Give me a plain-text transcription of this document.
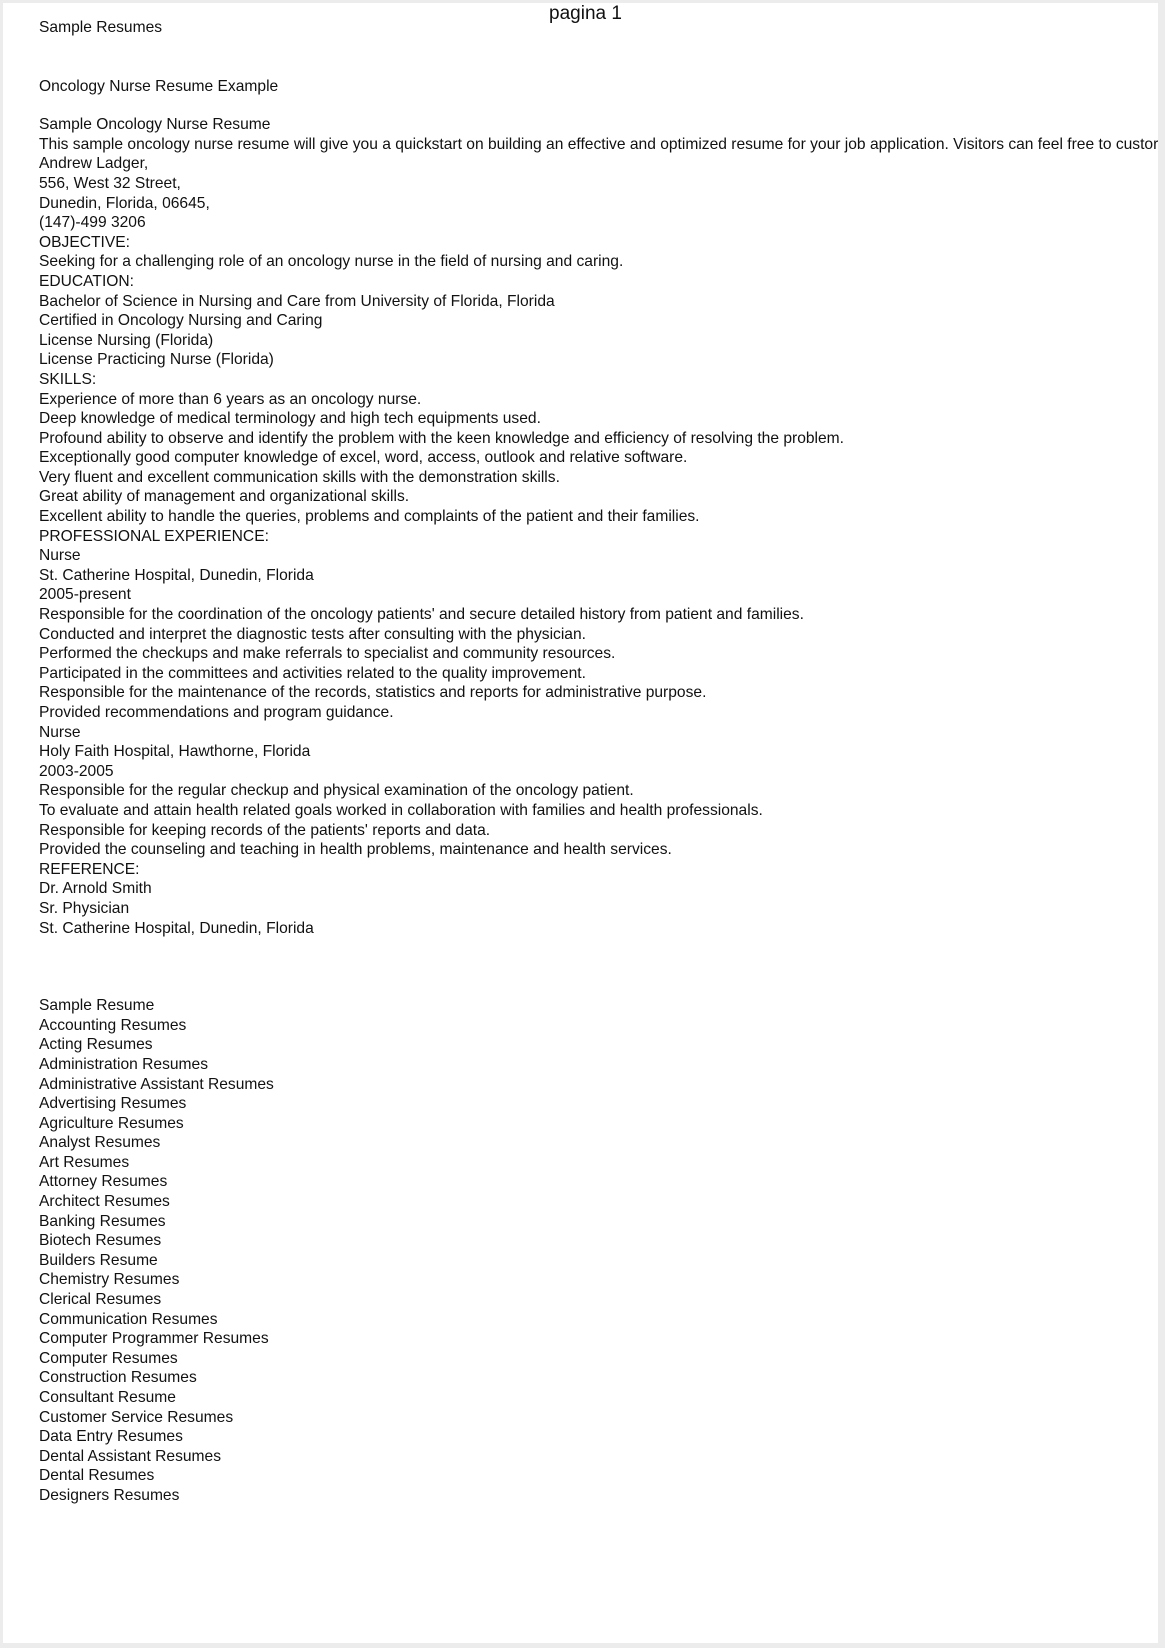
pagina 1
Sample Resumes
Oncology Nurse Resume Example
Sample Oncology Nurse Resume
This sample oncology nurse resume will give you a quickstart on building an effective and optimized resume for your job application. Visitors can feel free to custor
Andrew Ladger,
556, West 32 Street,
Dunedin, Florida, 06645,
(147)-499 3206
OBJECTIVE:
Seeking for a challenging role of an oncology nurse in the field of nursing and caring.
EDUCATION:
Bachelor of Science in Nursing and Care from University of Florida, Florida
Certified in Oncology Nursing and Caring
License Nursing (Florida)
License Practicing Nurse (Florida)
SKILLS:
Experience of more than 6 years as an oncology nurse.
Deep knowledge of medical terminology and high tech equipments used.
Profound ability to observe and identify the problem with the keen knowledge and efficiency of resolving the problem.
Exceptionally good computer knowledge of excel, word, access, outlook and relative software.
Very fluent and excellent communication skills with the demonstration skills.
Great ability of management and organizational skills.
Excellent ability to handle the queries, problems and complaints of the patient and their families.
PROFESSIONAL EXPERIENCE:
Nurse
St. Catherine Hospital, Dunedin, Florida
2005-present
Responsible for the coordination of the oncology patients' and secure detailed history from patient and families.
Conducted and interpret the diagnostic tests after consulting with the physician.
Performed the checkups and make referrals to specialist and community resources.
Participated in the committees and activities related to the quality improvement.
Responsible for the maintenance of the records, statistics and reports for administrative purpose.
Provided recommendations and program guidance.
Nurse
Holy Faith Hospital, Hawthorne, Florida
2003-2005
Responsible for the regular checkup and physical examination of the oncology patient.
To evaluate and attain health related goals worked in collaboration with families and health professionals.
Responsible for keeping records of the patients' reports and data.
Provided the counseling and teaching in health problems, maintenance and health services.
REFERENCE:
Dr. Arnold Smith
Sr. Physician
St. Catherine Hospital, Dunedin, Florida
Sample Resume
Accounting Resumes
Acting Resumes
Administration Resumes
Administrative Assistant Resumes
Advertising Resumes
Agriculture Resumes
Analyst Resumes
Art Resumes
Attorney Resumes
Architect Resumes
Banking Resumes
Biotech Resumes
Builders Resume
Chemistry Resumes
Clerical Resumes
Communication Resumes
Computer Programmer Resumes
Computer Resumes
Construction Resumes
Consultant Resume
Customer Service Resumes
Data Entry Resumes
Dental Assistant Resumes
Dental Resumes
Designers Resumes
